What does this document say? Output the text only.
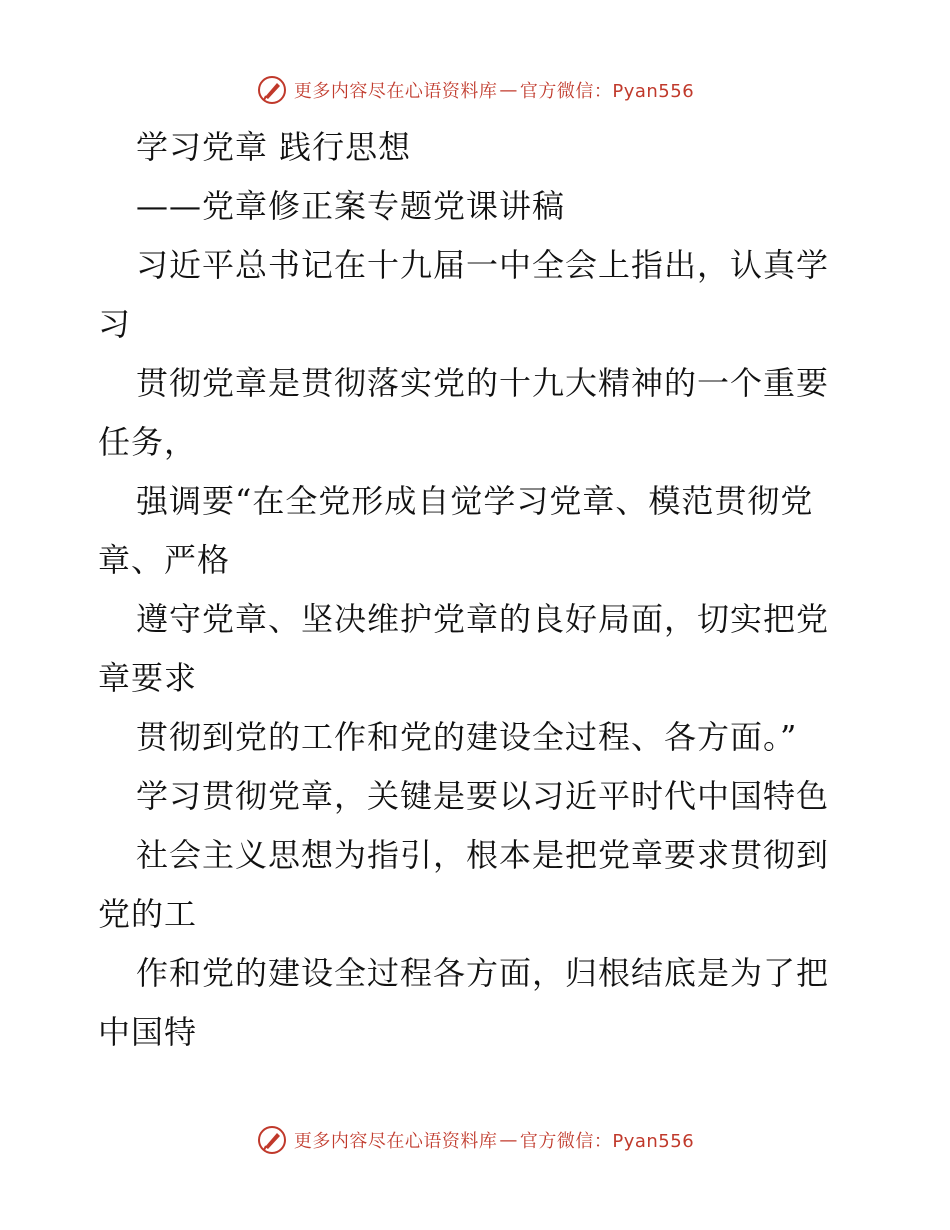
更多内容尽在心语资料库 — 官方微信：Pyan556
学习党章 践行思想
——党章修正案专题党课讲稿
习近平总书记在十九届一中全会上指出，认真学
习
贯彻党章是贯彻落实党的十九大精神的一个重要
任务，
强调要“在全党形成自觉学习党章、模范贯彻党
章、严格
遵守党章、坚决维护党章的良好局面，切实把党
章要求
贯彻到党的工作和党的建设全过程、各方面。”
学习贯彻党章，关键是要以习近平时代中国特色
社会主义思想为指引，根本是把党章要求贯彻到
党的工
作和党的建设全过程各方面，归根结底是为了把
中国特
更多内容尽在心语资料库 — 官方微信：Pyan556
